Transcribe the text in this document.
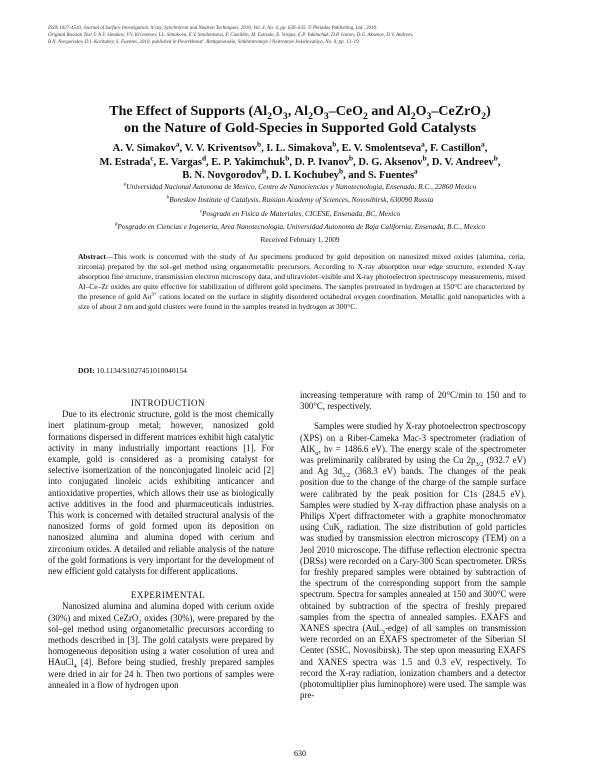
ISSN 1027-4510, Journal of Surface Investigation. X-ray, Synchrotron and Neutron Techniques, 2010, Vol. 4, No. 4, pp. 630–635. © Pleiades Publishing, Ltd., 2010.
Original Russian Text © A.V. Simakov, V.V. Kriventsov, I.L. Simakova, E.V. Smolentseva, F. Castillón, M. Estrada, E. Vargas, E.P. Yakimchuk, D.P. Ivanov, D.G. Aksenov, D.V. Andreev,
B.N. Novgorodov, D.I. Kochubey, S. Fuentes, 2010, published in Poverkhnost'. Rentgenovskie, Sinkhrotronnye i Neitronnye Issledovaniya, No. 4, pp. 13–19.
The Effect of Supports ($Al_2O_3$, $Al_2O_3-CeO_2$ and $Al_2O_3-CeZrO_2$)
on the Nature of Gold-Species in Supported Gold Catalysts
A. V. Simakov$^a$, V. V. Kriventsov$^b$, I. L. Simakova$^b$, E. V. Smolentseva$^a$, F. Castillon$^a$,
M. Estrada$^c$, E. Vargas$^d$, E. P. Yakimchuk$^b$, D. P. Ivanov$^b$, D. G. Aksenov$^b$, D. V. Andreev$^b$,
B. N. Novgorodov$^b$, D. I. Kochubey$^b$, and S. Fuentes$^a$
$^a$Universidad Nacional Autonoma de Mexico, Centro de Nanociencias y Nanotecnologia, Ensenada, B.C., 22860 Mexico
$^b$Boreskov Institute of Catalysis, Russian Academy of Sciences, Novosibirsk, 630090 Russia
$^c$Posgrado en Fisica de Materiales, CICESE, Ensenada, BC, Mexico
$^d$Posgrado en Ciencias e Ingeneria, Area Nanotecnologia, Universidad Autonoma de Baja California, Ensenada, B.C., Mexico
Received February 1, 2009
Abstract—This work is concerned with the study of Au specimens produced by gold deposition on nanosized mixed oxides (alumina, ceria, zirconia) prepared by the sol–gel method using organometallic precursors. According to X-ray absorption near edge structure, extended X-ray absorption fine structure, transmission electron microscopy data, and ultraviolet–visible and X-ray photoelectron spectroscopy measurements, mixed Al–Ce–Zr oxides are quite effective for stabilization of different gold specimens. The samples pretreated in hydrogen at 150°C are characterized by the presence of gold $Au^{3+}$ cations located on the surface in slightly disordered octahedral oxygen coordination. Metallic gold nanoparticles with a size of about 2 nm and gold clusters were found in the samples treated in hydrogen at 300°C.
DOI: 10.1134/S1027451010040154

INTRODUCTION

Due to its electronic structure, gold is the most chemically inert platinum-group metal; however, nanosized gold formations dispersed in different matrices exhibit high catalytic activity in many industrially important reactions [1]. For example, gold is considered as a promising catalyst for selective isomerization of the nonconjugated linoleic acid [2] into conjugated linoleic acids exhibiting anticancer and antioxidative properties, which allows their use as biologically active additives in the food and pharmaceuticals industries. This work is concerned with detailed structural analysis of the nanosized forms of gold formed upon its deposition on nanosized alumina and alumina doped with cerium and zirconium oxides. A detailed and reliable analysis of the nature of the gold formations is very important for the development of new efficient gold catalysts for different applications.

EXPERIMENTAL

Nanosized alumina and alumina doped with cerium oxide (30%) and mixed CeZrO$_2$ oxides (30%), were prepared by the sol–gel method using organometallic precursors according to methods described in [3]. The gold catalysts were prepared by homogeneous deposition using a water cosolution of urea and HAuCl$_4$ [4]. Before being studied, freshly prepared samples were dried in air for 24 h. Then two portions of samples were annealed in a flow of hydrogen upon

increasing temperature with ramp of 20°C/min to 150 and to 300°C, respectively.

Samples were studied by X-ray photoelectron spectroscopy (XPS) on a Riber-Cameka Mac-3 spectrometer (radiation of AlK$_\alpha$, hν = 1486.6 eV). The energy scale of the spectrometer was preliminarily calibrated by using the Cu $2p_{3/2}$ (932.7 eV) and Ag $3d_{5/2}$ (368.3 eV) bands. The changes of the peak position due to the change of the charge of the sample surface were calibrated by the peak position for C1s (284.5 eV). Samples were studied by X-ray diffraction phase analysis on a Philips X'pert diffractometer with a graphite monochromator using CuK$_\alpha$ radiation. The size distribution of gold particles was studied by transmission electron microscopy (TEM) on a Jeol 2010 microscope. The diffuse reflection electronic spectra (DRSs) were recorded on a Cary-300 Scan spectrometer. DRSs for freshly prepared samples were obtained by subtraction of the spectrum of the corresponding support from the sample spectrum. Spectra for samples annealed at 150 and 300°C were obtained by subtraction of the spectra of freshly prepared samples from the spectra of annealed samples. EXAFS and XANES spectra (AuL$_3$-edge) of all samples on transmission were recorded on an EXAFS spectrometer of the Siberian SI Center (SSIC, Novosibirsk). The step upon measuring EXAFS and XANES spectra was 1.5 and 0.3 eV, respectively. To record the X-ray radiation, ionization chambers and a detector (photomultiplier plus luminophore) were used. The sample was pre-

630
